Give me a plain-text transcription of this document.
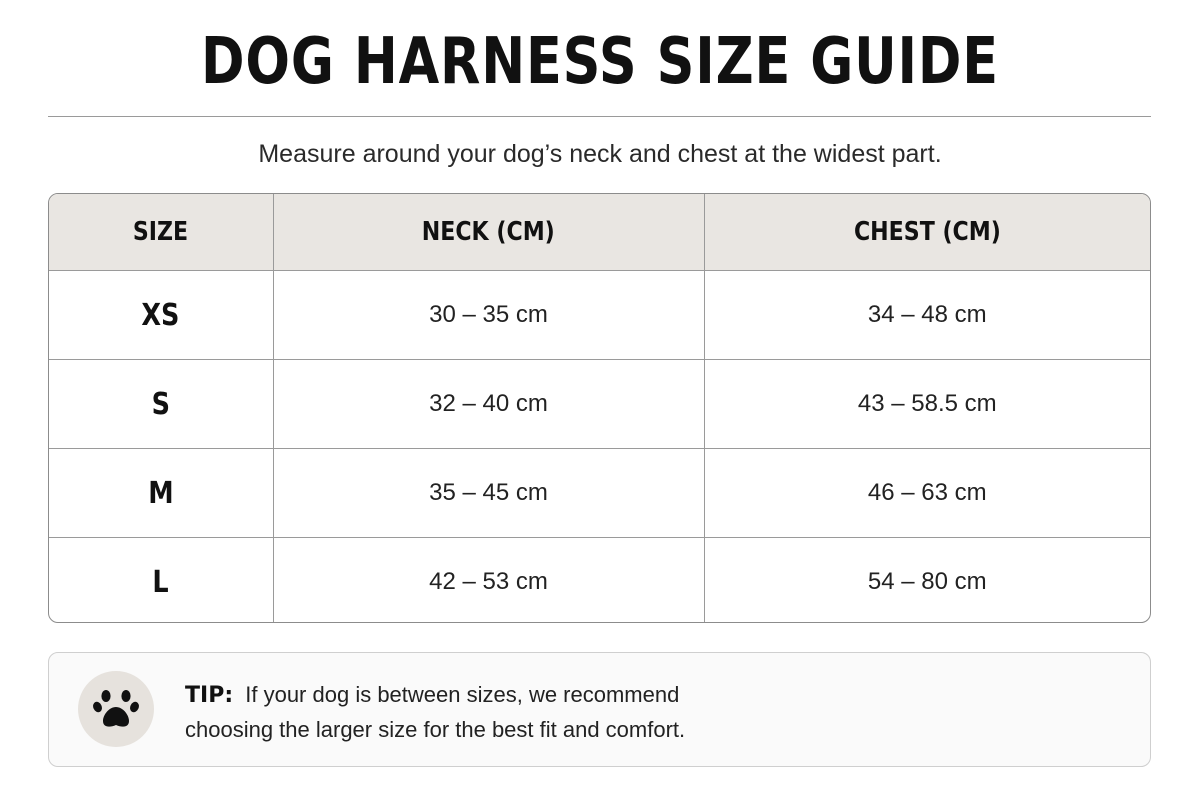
DOG HARNESS SIZE GUIDE
Measure around your dog’s neck and chest at the widest part.
SIZE	NECK (CM)	CHEST (CM)
XS	30 – 35 cm	34 – 48 cm
S	32 – 40 cm	43 – 58.5 cm
M	35 – 45 cm	46 – 63 cm
L	42 – 53 cm	54 – 80 cm
TIP: If your dog is between sizes, we recommend
choosing the larger size for the best fit and comfort.
